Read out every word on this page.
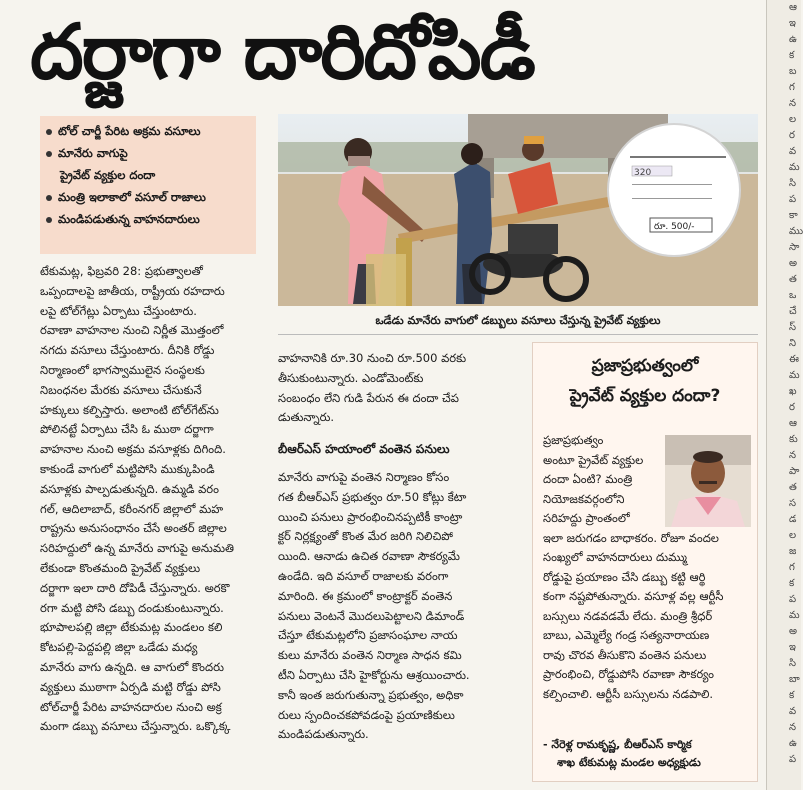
దర్జాగా దారిదోపిడీ	ఆ
ఇ
ఉ
క
బ
గ
న
ల
ర
వ
మ
సి
ప
కా
ము
సా
అ
త
ఒ
చే
స్
ని
ఈ
మ
ఖ
ర
ఆ
కు
న
పా
త
స
డ
ల
జ
గ
క
ప
మ
అ
ఇ
సి
బా
క
వ
న
ఉ
ప
టోల్ చార్జీ పేరిట అక్రమ వసూలు
మానేరు వాగుపై
ప్రైవేట్ వ్యక్తుల దందా
మంత్రి ఇలాకాలో వసూల్ రాజాలు
మండిపడుతున్న వాహనదారులు
320
రూ. 500/-
ఒడేడు మానేరు వాగులో డబ్బులు వసూలు చేస్తున్న ప్రైవేట్ వ్యక్తులు

టేకుమట్ల, ఫిబ్రవరి 28: ప్రభుత్వాలతో

ఒప్పందాలపై జాతీయ, రాష్ట్రీయ రహదారు

లపై టోల్‌గేట్లు ఏర్పాటు చేస్తుంటారు.

రవాణా వాహనాల నుంచి నిర్ణీత మొత్తంలో

నగదు వసూలు చేస్తుంటారు. దీనికి రోడ్డు

నిర్మాణంలో భాగస్వాములైన సంస్థలకు

నిబంధనల మేరకు వసూలు చేసుకునే

హక్కులు కల్పిస్తారు. అలాంటి టోల్‌గేట్‌ను

పోలినట్టే ఏర్పాటు చేసి ఓ ముఠా దర్జాగా

వాహనాల నుంచి అక్రమ వసూళ్లకు దిగింది.

కాకుండే వాగులో మట్టిపోసి ముక్కుపిండి

వసూళ్లకు పాల్పడుతున్నది. ఉమ్మడి వరం

గల్, ఆదిలాబాద్, కరీంనగర్ జిల్లాలో మహ

రాష్ట్రను అనుసంధానం చేసే అంతర్ జిల్లాల

సరిహద్దులో ఉన్న మానేరు వాగుపై అనుమతి

లేకుండా కొంతమంది ప్రైవేట్ వ్యక్తులు

దర్జాగా ఇలా దారి దోపిడీ చేస్తున్నారు. అరకొ

రగా మట్టి పోసి డబ్బు దండుకుంటున్నారు.

భూపాలపల్లి జిల్లా టేకుమట్ల మండలం కలి

కోటపల్లి-పెద్దపల్లి జిల్లా ఒడేడు మధ్య

మానేరు వాగు ఉన్నది. ఆ వాగులో కొందరు

వ్యక్తులు ముఠాగా ఏర్పడి మట్టి రోడ్డు పోసి

టోల్‌చార్జీ పేరిట వాహనదారుల నుంచి అక్ర

మంగా డబ్బు వసూలు చేస్తున్నారు. ఒక్కొక్క

వాహనానికి రూ.30 నుంచి రూ.500 వరకు

తీసుకుంటున్నారు. ఎండోమెంట్‌కు

సంబంధం లేని గుడి పేరున ఈ దందా చేప

డుతున్నారు.

బీఆర్ఎస్ హయాంలో వంతెన పనులు

మానేరు వాగుపై వంతెన నిర్మాణం కోసం

గత బీఆర్ఎస్ ప్రభుత్వం రూ.50 కోట్లు కేటా

యించి పనులు ప్రారంభించినప్పటికీ కాంట్రా

క్టర్ నిర్లక్ష్యంతో కొంత మేర జరిగి నిలిచిపో

యింది. ఆనాడు ఉచిత రవాణా సౌకర్యమే

ఉండేది. ఇది వసూల్ రాజాలకు వరంగా

మారింది. ఈ క్రమంలో కాంట్రాక్టర్ వంతెన

పనులు వెంటనే మొదలుపెట్టాలని డిమాండ్

చేస్తూ టేకుమట్లలోని ప్రజాసంఘాల నాయ

కులు మానేరు వంతెన నిర్మాణ సాధన కమి

టీని ఏర్పాటు చేసి హైకోర్టును ఆశ్రయించారు.

కానీ ఇంత జరుగుతున్నా ప్రభుత్వం, అధికా

రులు స్పందించకపోవడంపై ప్రయాణికులు

మండిపడుతున్నారు.

ప్రజాప్రభుత్వంలో
ప్రైవేట్ వ్యక్తుల దందా?

ప్రజాప్రభుత్వం

అంటూ ప్రైవేట్ వ్యక్తుల

దందా ఏంటి? మంత్రి

నియోజకవర్గంలోని

సరిహద్దు ప్రాంతంలో

ఇలా జరుగడం బాధాకరం. రోజూ వందల

సంఖ్యలో వాహనదారులు దుమ్ము

రోడ్డుపై ప్రయాణం చేసి డబ్బు కట్టి ఆర్థి

కంగా నష్టపోతున్నారు. వసూళ్ల వల్ల ఆర్టీసీ

బస్సులు నడవడమే లేదు. మంత్రి శ్రీధర్

బాబు, ఎమ్మెల్యే గండ్ర సత్యనారాయణ

రావు చొరవ తీసుకొని వంతెన పనులు

ప్రారంభించి, రోడ్డుపోసి రవాణా సౌకర్యం

కల్పించాలి. ఆర్టీసీ బస్సులను నడపాలి.

- నేరెళ్ల రామకృష్ణ, బీఆర్ఎస్ కార్మిక

శాఖ టేకుమట్ల మండల అధ్యక్షుడు
